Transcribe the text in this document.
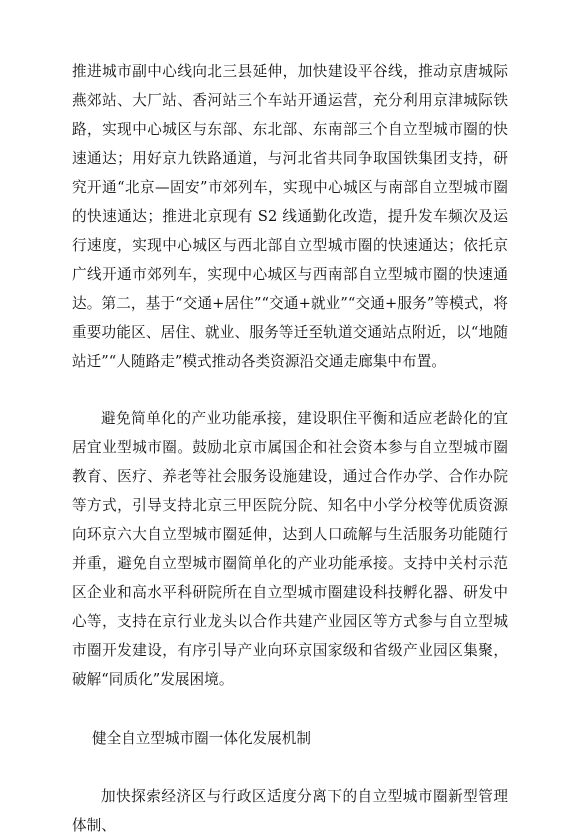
推进城市副中心线向北三县延伸，加快建设平谷线，推动京唐城际燕郊站、大厂站、香河站三个车站开通运营，充分利用京津城际铁路，实现中心城区与东部、东北部、东南部三个自立型城市圈的快速通达；用好京九铁路通道，与河北省共同争取国铁集团支持，研究开通“北京—固安”市郊列车，实现中心城区与南部自立型城市圈的快速通达；推进北京现有 S2 线通勤化改造，提升发车频次及运行速度，实现中心城区与西北部自立型城市圈的快速通达；依托京广线开通市郊列车，实现中心城区与西南部自立型城市圈的快速通达。第二，基于“交通+居住”“交通+就业”“交通+服务”等模式，将重要功能区、居住、就业、服务等迁至轨道交通站点附近，以“地随站迁”“人随路走”模式推动各类资源沿交通走廊集中布置。

避免简单化的产业功能承接，建设职住平衡和适应老龄化的宜居宜业型城市圈。鼓励北京市属国企和社会资本参与自立型城市圈教育、医疗、养老等社会服务设施建设，通过合作办学、合作办院等方式，引导支持北京三甲医院分院、知名中小学分校等优质资源向环京六大自立型城市圈延伸，达到人口疏解与生活服务功能随行并重，避免自立型城市圈简单化的产业功能承接。支持中关村示范区企业和高水平科研院所在自立型城市圈建设科技孵化器、研发中心等，支持在京行业龙头以合作共建产业园区等方式参与自立型城市圈开发建设，有序引导产业向环京国家级和省级产业园区集聚，破解“同质化”发展困境。

健全自立型城市圈一体化发展机制

加快探索经济区与行政区适度分离下的自立型城市圈新型管理体制、
